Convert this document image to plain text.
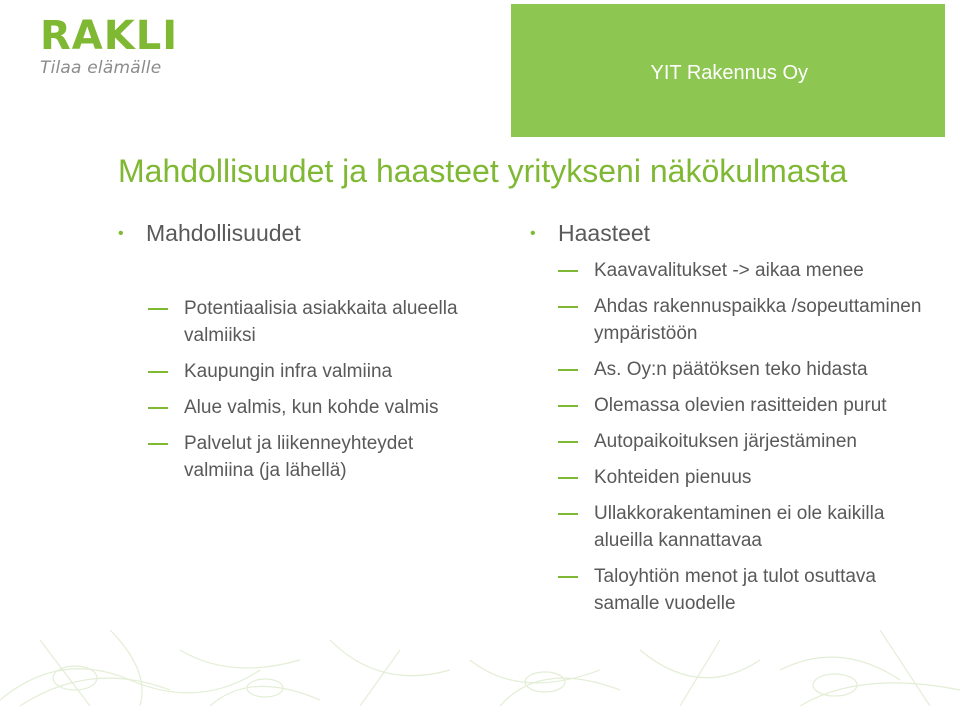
RAKLI
Tilaa elämälle	YIT Rakennus Oy
Mahdollisuudet ja haasteet yritykseni näkökulmasta
• Mahdollisuudet
Potentiaalisia asiakkaita alueella valmiiksi
Kaupungin infra valmiina
Alue valmis, kun kohde valmis
Palvelut ja liikenneyhteydet valmiina (ja lähellä)
• Haasteet
Kaavavalitukset -> aikaa menee
Ahdas rakennuspaikka /sopeuttaminen ympäristöön
As. Oy:n päätöksen teko hidasta
Olemassa olevien rasitteiden purut
Autopaikoituksen järjestäminen
Kohteiden pienuus
Ullakkorakentaminen ei ole kaikilla alueilla kannattavaa
Taloyhtiön menot ja tulot osuttava samalle vuodelle
